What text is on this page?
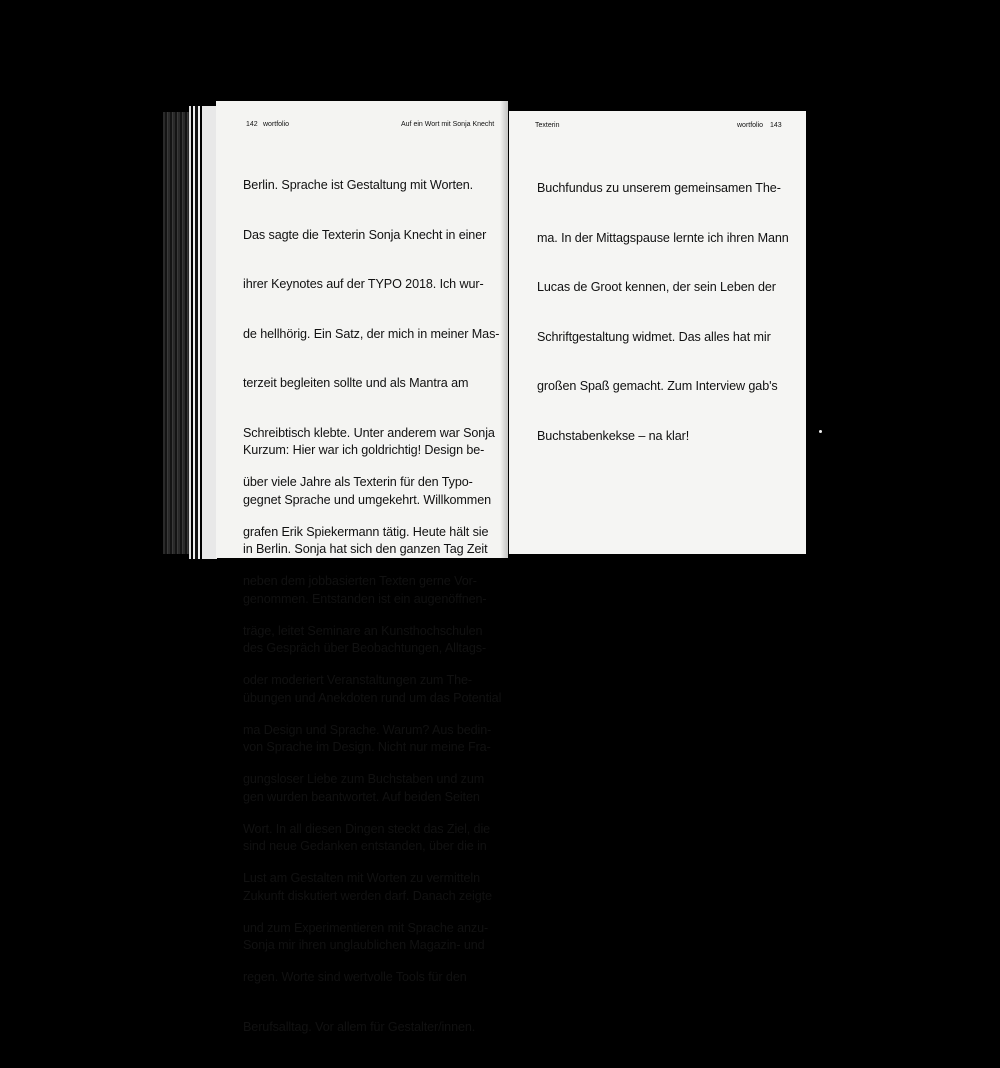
142 wortfolio	Auf ein Wort mit Sonja Knecht

Berlin. Sprache ist Gestaltung mit Worten.

Das sagte die Texterin Sonja Knecht in einer

ihrer Keynotes auf der TYPO 2018. Ich wur-

de hellhörig. Ein Satz, der mich in meiner Mas-

terzeit begleiten sollte und als Mantra am

Schreibtisch klebte. Unter anderem war Sonja

über viele Jahre als Texterin für den Typo-

grafen Erik Spiekermann tätig. Heute hält sie

neben dem jobbasierten Texten gerne Vor-

träge, leitet Seminare an Kunsthochschulen

oder moderiert Veranstaltungen zum The-

ma Design und Sprache. Warum? Aus bedin-

gungsloser Liebe zum Buchstaben und zum

Wort. In all diesen Dingen steckt das Ziel, die

Lust am Gestalten mit Worten zu vermitteln

und zum Experimentieren mit Sprache anzu-

regen. Worte sind wertvolle Tools für den

Berufsalltag. Vor allem für Gestalter/innen.

Kurzum: Hier war ich goldrichtig! Design be-

gegnet Sprache und umgekehrt. Willkommen

in Berlin. Sonja hat sich den ganzen Tag Zeit

genommen. Entstanden ist ein augenöffnen-

des Gespräch über Beobachtungen, Alltags-

übungen und Anekdoten rund um das Potential

von Sprache im Design. Nicht nur meine Fra-

gen wurden beantwortet. Auf beiden Seiten

sind neue Gedanken entstanden, über die in

Zukunft diskutiert werden darf. Danach zeigte

Sonja mir ihren unglaublichen Magazin- und

Texterin	wortfolio 143

Buchfundus zu unserem gemeinsamen The-

ma. In der Mittagspause lernte ich ihren Mann

Lucas de Groot kennen, der sein Leben der

Schriftgestaltung widmet. Das alles hat mir

großen Spaß gemacht. Zum Interview gab's

Buchstabenkekse – na klar!
